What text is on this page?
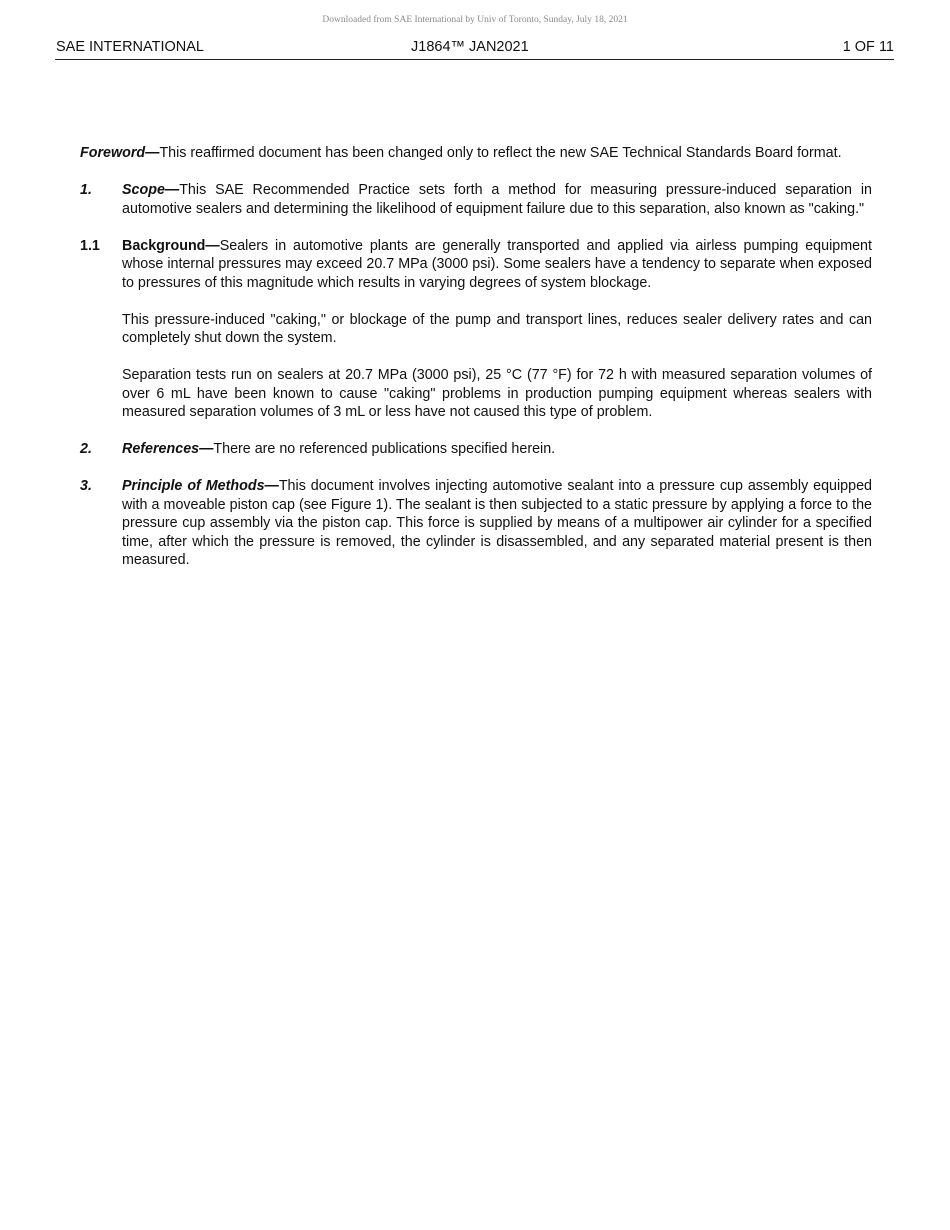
Downloaded from SAE International by Univ of Toronto, Sunday, July 18, 2021
SAE INTERNATIONAL	J1864™ JAN2021	1 OF 11

Foreword—This reaffirmed document has been changed only to reflect the new SAE Technical Standards Board format.

1.	Scope—This SAE Recommended Practice sets forth a method for measuring pressure-induced separation in automotive sealers and determining the likelihood of equipment failure due to this separation, also known as "caking."

1.1	Background—Sealers in automotive plants are generally transported and applied via airless pumping equipment whose internal pressures may exceed 20.7 MPa (3000 psi). Some sealers have a tendency to separate when exposed to pressures of this magnitude which results in varying degrees of system blockage.

This pressure-induced "caking," or blockage of the pump and transport lines, reduces sealer delivery rates and can completely shut down the system.

Separation tests run on sealers at 20.7 MPa (3000 psi), 25 °C (77 °F) for 72 h with measured separation volumes of over 6 mL have been known to cause "caking" problems in production pumping equipment whereas sealers with measured separation volumes of 3 mL or less have not caused this type of problem.

2.	References—There are no referenced publications specified herein.

3.	Principle of Methods—This document involves injecting automotive sealant into a pressure cup assembly equipped with a moveable piston cap (see Figure 1). The sealant is then subjected to a static pressure by applying a force to the pressure cup assembly via the piston cap. This force is supplied by means of a multipower air cylinder for a specified time, after which the pressure is removed, the cylinder is disassembled, and any separated material present is then measured.
